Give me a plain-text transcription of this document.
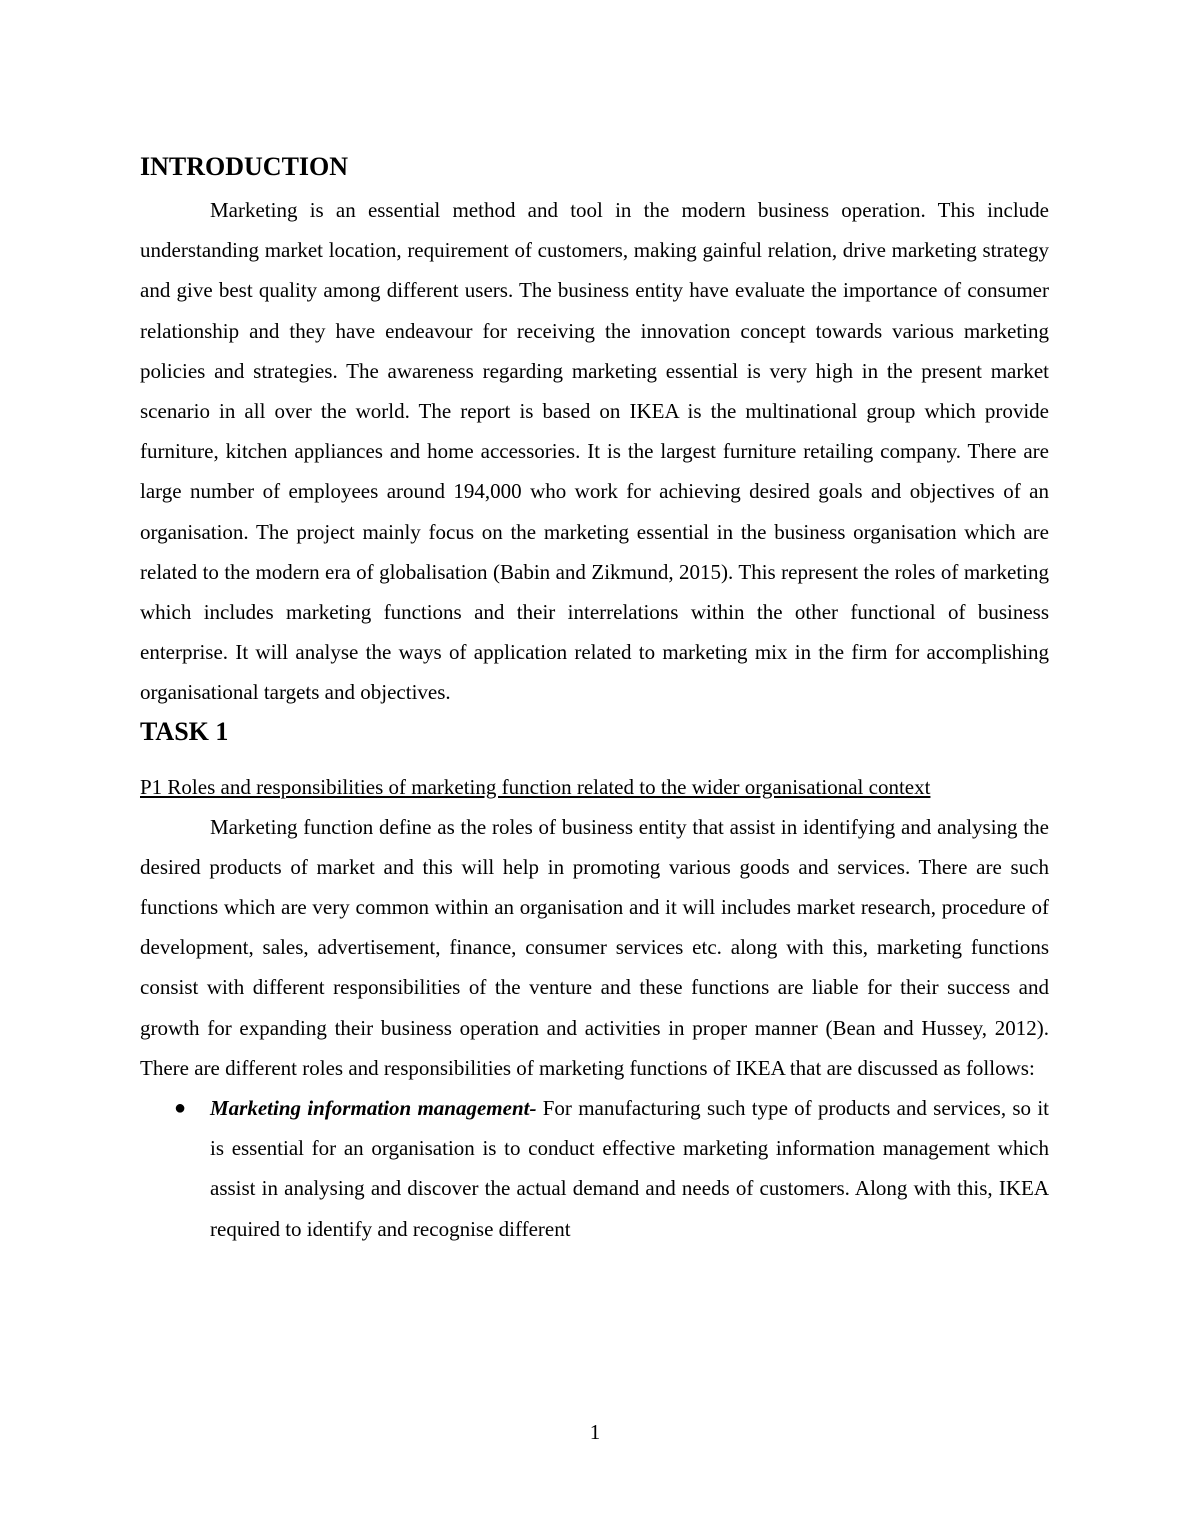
INTRODUCTION

Marketing is an essential method and tool in the modern business operation. This include understanding market location, requirement of customers, making gainful relation, drive marketing strategy and give best quality among different users. The business entity have evaluate the importance of consumer relationship and they have endeavour for receiving the innovation concept towards various marketing policies and strategies. The awareness regarding marketing essential is very high in the present market scenario in all over the world. The report is based on IKEA is the multinational group which provide furniture, kitchen appliances and home accessories. It is the largest furniture retailing company. There are large number of employees around 194,000 who work for achieving desired goals and objectives of an organisation. The project mainly focus on the marketing essential in the business organisation which are related to the modern era of globalisation (Babin and Zikmund, 2015). This represent the roles of marketing which includes marketing functions and their interrelations within the other functional of business enterprise. It will analyse the ways of application related to marketing mix in the firm for accomplishing organisational targets and objectives.

TASK 1

P1 Roles and responsibilities of marketing function related to the wider organisational context

Marketing function define as the roles of business entity that assist in identifying and analysing the desired products of market and this will help in promoting various goods and services. There are such functions which are very common within an organisation and it will includes market research, procedure of development, sales, advertisement, finance, consumer services etc. along with this, marketing functions consist with different responsibilities of the venture and these functions are liable for their success and growth for expanding their business operation and activities in proper manner (Bean and Hussey, 2012). There are different roles and responsibilities of marketing functions of IKEA that are discussed as follows:

● Marketing information management- For manufacturing such type of products and services, so it is essential for an organisation is to conduct effective marketing information management which assist in analysing and discover the actual demand and needs of customers. Along with this, IKEA required to identify and recognise different
1
